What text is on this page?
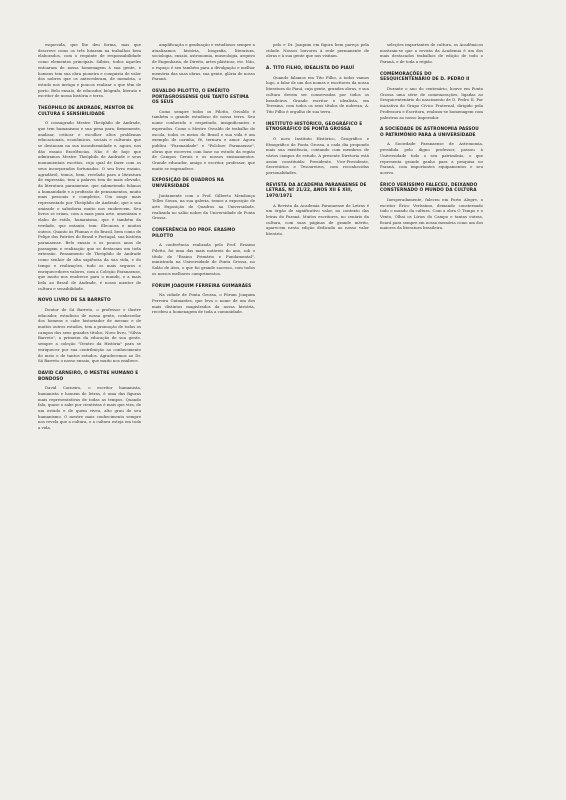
esquecida, que lhe deu forma, mas que descreve como os três lutaram na trabalhos bem elaborados, com o requinte de responsabilidade como elementos principais. Sábios, todos aqueles entoaram de nossa homenagem à sua gente, e homens tem sua obra pioneira e conquista de valor dos nobres que os antecederam, de memória, o estudo nos instiga e poucos realizar o que têm de perto. Belo ensaio, de educador, biógrafo, literato e escritor de nossa história e terra.

THEÓPHILO DE ANDRADE, MENTOR DE CULTURA E SENSIBILIDADE

O consagrado Mestre Theóphilo de Andrade, que tem humanismo e sua pena para, firmemente, analisar, criticar e escolher altos problemas educacionais, econômicos, sociais e culturais que se destacam na sua inconformidade e, agora, nos dão ensaio Excelências. Não é de hoje que admiramos Mestre Theóphilo de Andrade e seus monumentais escritos, cujo qual de fazer com os seus incorporados fortunados. O seu livro ensaio, agradável, temos, bem, revelado para a literatura de expressão, tem a palavra tem de mais elevado, da literatura paranaense, que submetendo fulanos a humanidade e a profissão de pensamentos, muito mais pessoais e completos. Um rasgo mais representado por Theóphilo de Andrade, que a sua amizade e sabedoria muito nos enobrecem. Seu livros se eriam, com a mais pura arte, amenizam e elabo de estilo, humanismo, que é também da verdade, que entanto, tem: Eleonora e muitos outros. Quanto às Plumas e do Brasil, bem como de Felipe dos Patrões do Brasil e Portugal, sua história paranaense. Belo ensaio e os poucos anos de passagem e realização que se destacam em toda extensão. Pensamento de Theóphilo de Andrade como senhor de alta sapiência da sua vida, e do tempo e realizações, tudo os mais seguros e enriquecedores valores, com a Coleção Paranaense, que muito nos enobrece para o mundo, e a mais bela ao Brasil de Andrade, é nosso mentor de cultura e sensibilidade.

NOVO LIVRO DE SA BARRETO

Doutor de Sá Barreto, o professor e ilustre educador, estudioso de nossa gente, conhecedor dos homens e cabe historiador de mesmo e de muitos outros estudos, tem a promoção de todos os campos dos seus grandes títulos. Novo livro, "Sílvia Barreto", a primeira da educação de sua gente, sempre a coleção "Dentro da História" para se enriquecer por sua contribuição ao conhecimento do meio e de tantos estudos. Agradecemos ao Dr. Sá Barreto o nosso ensaio, que muito nos enaltece.

DAVID CARNEIRO, O MESTRE HUMANO E BONDOSO

David Carneiro, o escritor humanista, humanista e homem de letras, é uma das figuras mais representativas de todas as tempos. Quando fala, quase o sabe por cientistas é mais que vira, de um estudo e de quem viveu, alto grau de seu humanismo. O mestre mais conhecimento sempre nos revela que a cultura, e a cultura esteja em toda a vida.

amplificação e graduação e estudiosos sempre a atualizamos história, biografia, literatura, sociologia, ensaio, astronomia, museologia, arquivo de Engenharia, de Direito, artes plásticas, etc. Não, o espaço é seu também para a divulgação e melhor memória das suas obras, sua gente, glória de nosso Paraná.

OSVALDO PILOTTO, O EMÉRITO PORTAGROSSENSE QUE TANTO ESTIMA OS SEUS

Como sempre todos os Pilotto, Osvaldo é também o grande estudioso de nossa terra. Seu nome conhecido e respeitado, insignificantes e esperados. Como o Mestre Osvaldo de trabalho de escola, todos os meios do Brasil e sua vida é um exemplo de carinho, fé, ternura e amor. Agora publica "Paranaidade" e "Folclore Paranaense", obras que escreveu com base no estudo da região de Campos Gerais e os nossos ensinamentos. Grande educador, amigo e escritor, professor, que muito se engrandece.

EXPOSIÇÃO DE QUADROS NA UNIVERSIDADE

Juntamente com o Prof. Gilberto Mendonça Telles Souza, na sua galeria, temos a exposição de arte Exposição de Quadros na Universidade, realizada no salão nobre da Universidade de Ponta Grossa.

CONFERÊNCIA DO PROF. ERASMO PILOTTO

A conferência realizada pelo Prof. Erasmo Pilotto, foi uma das mais notáveis do ano, sob o título de "Ensino Primário e Fundamental", ministrada na Universidade de Ponta Grossa, no Salão de Atos, o que foi grande sucesso, com todos os nossos melhores cumprimentos.

FÓRUM JOAQUIM FERREIRA GUIMARÃES

Na cidade de Ponta Grossa, o Fórum Joaquim Ferreira Guimarães, que leva o nome de um dos mais distintos magistrados da nossa história, recebeu a homenagem de toda a comunidade.

pelo e Dr. Joaquim em figura bem pareça pela cidade. Nossos louvores à rede permanente de obras e à sua gente que nos visitam.

A. TITO FILHO, IDEALISTA DO PIAUÍ

Quando falamos em Tito Filho, a todos vamos logo, a falar de um dos nomes e escritores da nossa literatura do Piauí, cuja gente, grandes obras, e sua cultura devem ser conservadas por todos os brasileiros. Grande escritor e idealista, em Teresina, com todos os seus títulos de nobreza, A. Tito Filho é orgulho de sua terra.

INSTITUTO HISTÓRICO, GEOGRÁFICO E ETNOGRÁFICO DE PONTA GROSSA

O novo Instituto Histórico, Geográfico e Etnográfico de Ponta Grossa, a cada dia propondo mais sua existência, contando com membros de vários campos de estudo. A presente Diretoria está assim constituída: Presidente, Vice-Presidente, Secretários e Tesoureiros, com reconhecidas personalidades.

REVISTA DA ACADEMIA PARANAENSE DE LETRAS, Nº 21/22, ANOS XII E XIII, 1970/1971

A Revista da Academia Paranaense de Letras é um órgão de significativo valor, no contexto das letras do Paraná. Muitos escritores, no cenário da cultura, com suas páginas de grande mérito, aparecem nesta edição dedicada ao nosso valor literário.

seleções importantes de cultura, os Acadêmicos mostram-se que a revista da Academia é um dos mais destacados trabalhos de edição de todo o Paraná, e de toda a região.

COMEMORAÇÕES DO SESQUICENTENÁRIO DE D. PEDRO II

Durante o ano do centenário, houve em Ponta Grossa uma série de comemorações, ligadas ao Sesquicentenário do nascimento de D. Pedro II. Por iniciativa do Grupo Cívico Fraternal, dirigido pela Professora e Escritora, realizou-se homenagem com palestras ao nosso Imperador.

A SOCIEDADE DE ASTRONOMIA PASSOU O PATRIMÔNIO PARA A UNIVERSIDADE

A Sociedade Paranaense de Astronomia, presidida pelo digno professor, passou à Universidade todo o seu patrimônio, o que representa grande ganho para a pesquisa no Paraná, com importantes equipamentos e seu acervo.

ÉRICO VERÍSSIMO FALECEU, DEIXANDO CONSTERNADO O MUNDO DA CULTURA

Inesperadamente, faleceu em Porto Alegre, o escritor Érico Veríssimo, deixando consternado todo o mundo da cultura. Com a obra O Tempo e o Vento, Olhai os Lírios do Campo e tantas outras, ficará para sempre em nossa memória como um dos maiores da literatura brasileira.
